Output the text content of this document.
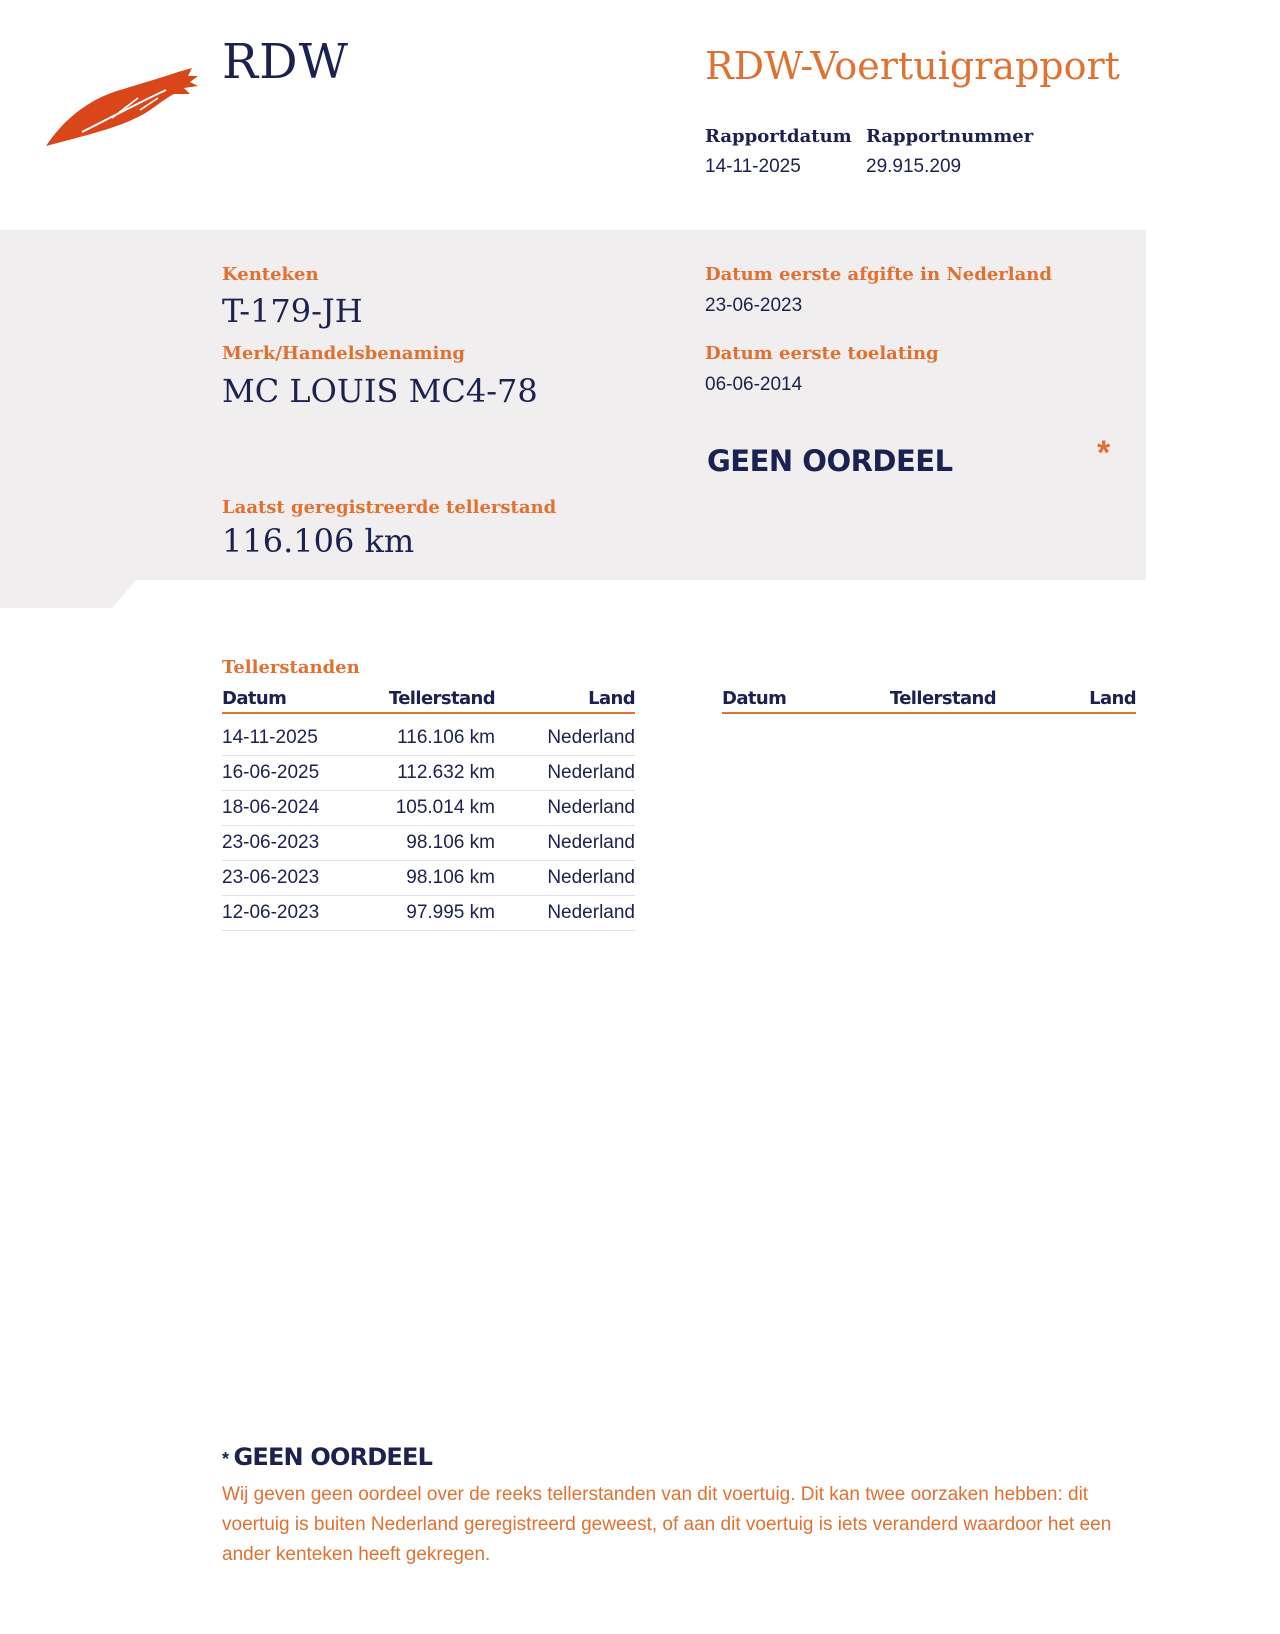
RDW	RDW-Voertuigrapport
Rapportdatum
14-11-2025
Rapportnummer
29.915.209
Kenteken
T-179-JH
Merk/Handelsbenaming
MC LOUIS MC4-78
Datum eerste afgifte in Nederland
23-06-2023
Datum eerste toelating
06-06-2014
GEEN OORDEEL	*
Laatst geregistreerde tellerstand
116.106 km
Tellerstanden
Datum	Tellerstand	Land	Datum	Tellerstand	Land
14-11-2025	116.106 km	Nederland
16-06-2025	112.632 km	Nederland
18-06-2024	105.014 km	Nederland
23-06-2023	98.106 km	Nederland
23-06-2023	98.106 km	Nederland
12-06-2023	97.995 km	Nederland
* GEEN OORDEEL
Wij geven geen oordeel over de reeks tellerstanden van dit voertuig. Dit kan twee oorzaken hebben: dit voertuig is buiten Nederland geregistreerd geweest, of aan dit voertuig is iets veranderd waardoor het een ander kenteken heeft gekregen.
